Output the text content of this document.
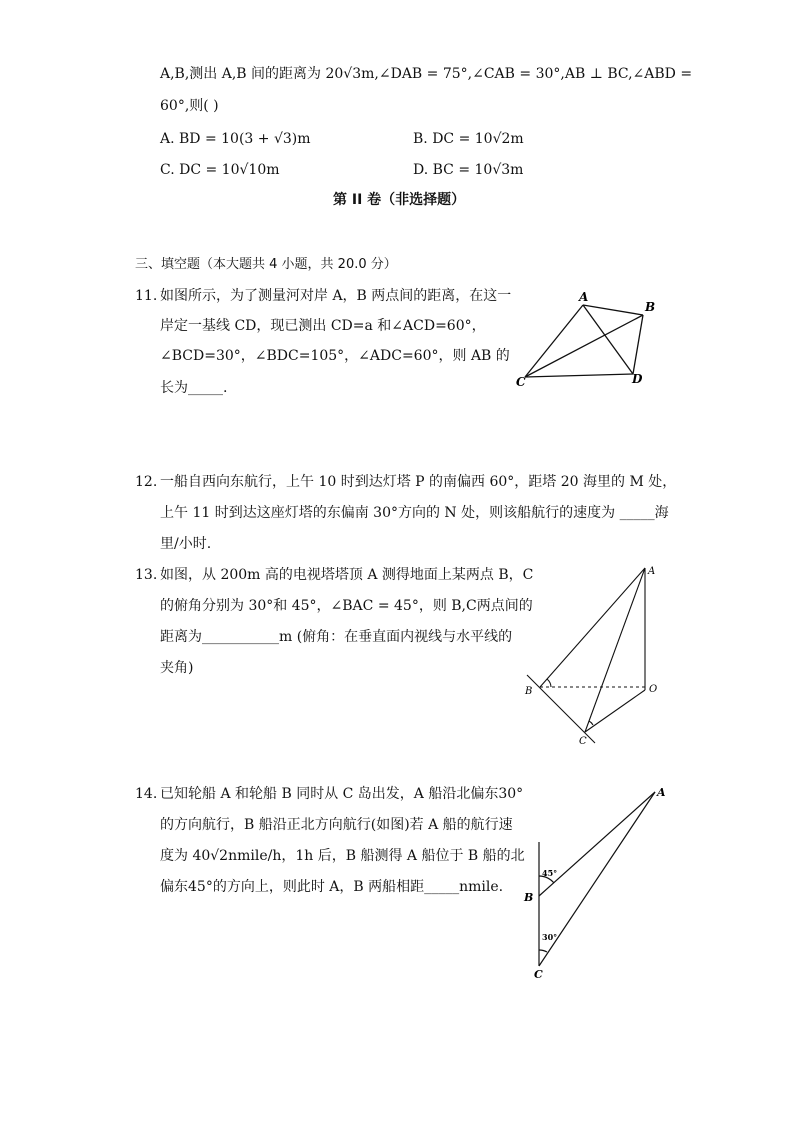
A,B,测出 A,B 间的距离为 20√3m,∠DAB = 75°,∠CAB = 30°,AB ⊥ BC,∠ABD =
60°,则( )
A. BD = 10(3 + √3)m	B. DC = 10√2m
C. DC = 10√10m	D. BC = 10√3m
第 II 卷（非选择题）
三、填空题（本大题共 4 小题，共 20.0 分）
11. 如图所示，为了测量河对岸 A，B 两点间的距离，在这一
岸定一基线 CD，现已测出 CD=a 和∠ACD=60°，
∠BCD=30°，∠BDC=105°，∠ADC=60°，则 AB 的
长为_____.
A
B
C	D
12. 一船自西向东航行，上午 10 时到达灯塔 P 的南偏西 60°，距塔 20 海里的 M 处，
上午 11 时到达这座灯塔的东偏南 30°方向的 N 处，则该船航行的速度为 _____海
里/小时.
13. 如图，从 200m 高的电视塔塔顶 A 测得地面上某两点 B，C
的俯角分别为 30°和 45°，∠BAC = 45°，则 B,C两点间的
距离为___________m (俯角：在垂直面内视线与水平线的
夹角)
A
B
C
O
14. 已知轮船 A 和轮船 B 同时从 C 岛出发，A 船沿北偏东30°
的方向航行，B 船沿正北方向航行(如图)若 A 船的航行速
度为 40√2nmile/h，1h 后，B 船测得 A 船位于 B 船的北
偏东45°的方向上，则此时 A，B 两船相距_____nmile.
A
B
C
45°
30°
